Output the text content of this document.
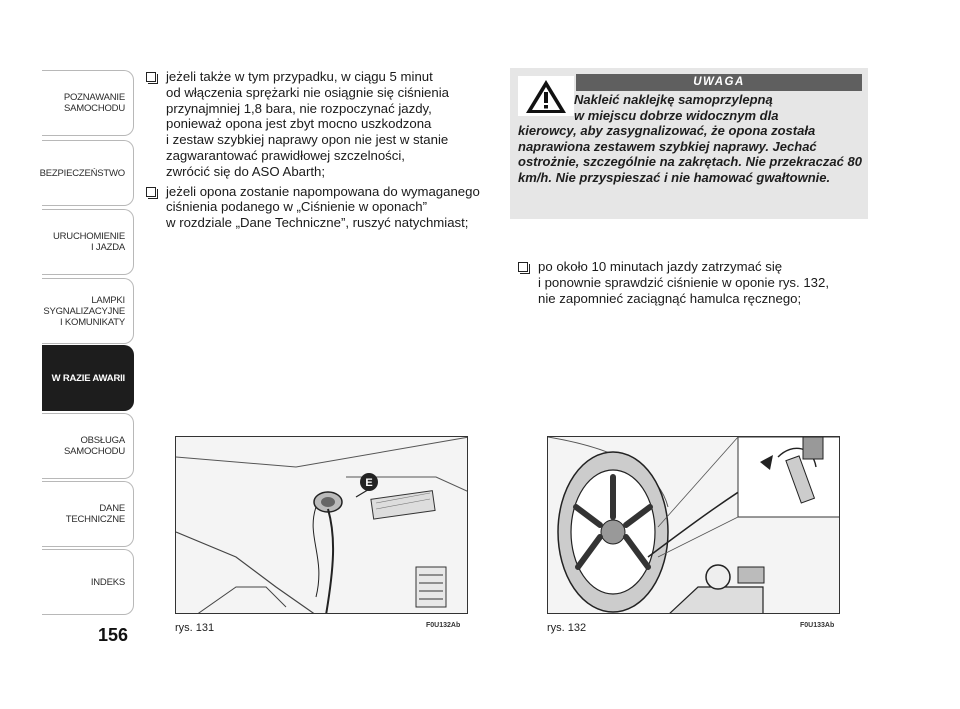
POZNAWANIE
SAMOCHODU
BEZPIECZEŃSTWO
URUCHOMIENIE
I JAZDA
LAMPKI
SYGNALIZACYJNE
I KOMUNIKATY
W RAZIE AWARII
OBSŁUGA
SAMOCHODU
DANE
TECHNICZNE
INDEKS
156
jeżeli także w tym przypadku, w ciągu 5 minut
od włączenia sprężarki nie osiągnie się ciśnienia
przynajmniej 1,8 bara, nie rozpoczynać jazdy,
ponieważ opona jest zbyt mocno uszkodzona
i zestaw szybkiej naprawy opon nie jest w stanie
zagwarantować prawidłowej szczelności,
zwrócić się do ASO Abarth;
jeżeli opona zostanie napompowana do wymaganego
ciśnienia podanego w „Ciśnienie w oponach”
w rozdziale „Dane Techniczne”, ruszyć natychmiast;
UWAGA
Nakleić naklejkę samoprzylepną
w miejscu dobrze widocznym dla
kierowcy, aby zasygnalizować, że opona została naprawiona zestawem szybkiej naprawy. Jechać ostrożnie, szczególnie na zakrętach. Nie przekraczać 80 km/h. Nie przyspieszać i nie hamować gwałtownie.
po około 10 minutach jazdy zatrzymać się
i ponownie sprawdzić ciśnienie w oponie rys. 132,
nie zapomnieć zaciągnąć hamulca ręcznego;
E
rys. 131	F0U132Ab	rys. 132	F0U133Ab
